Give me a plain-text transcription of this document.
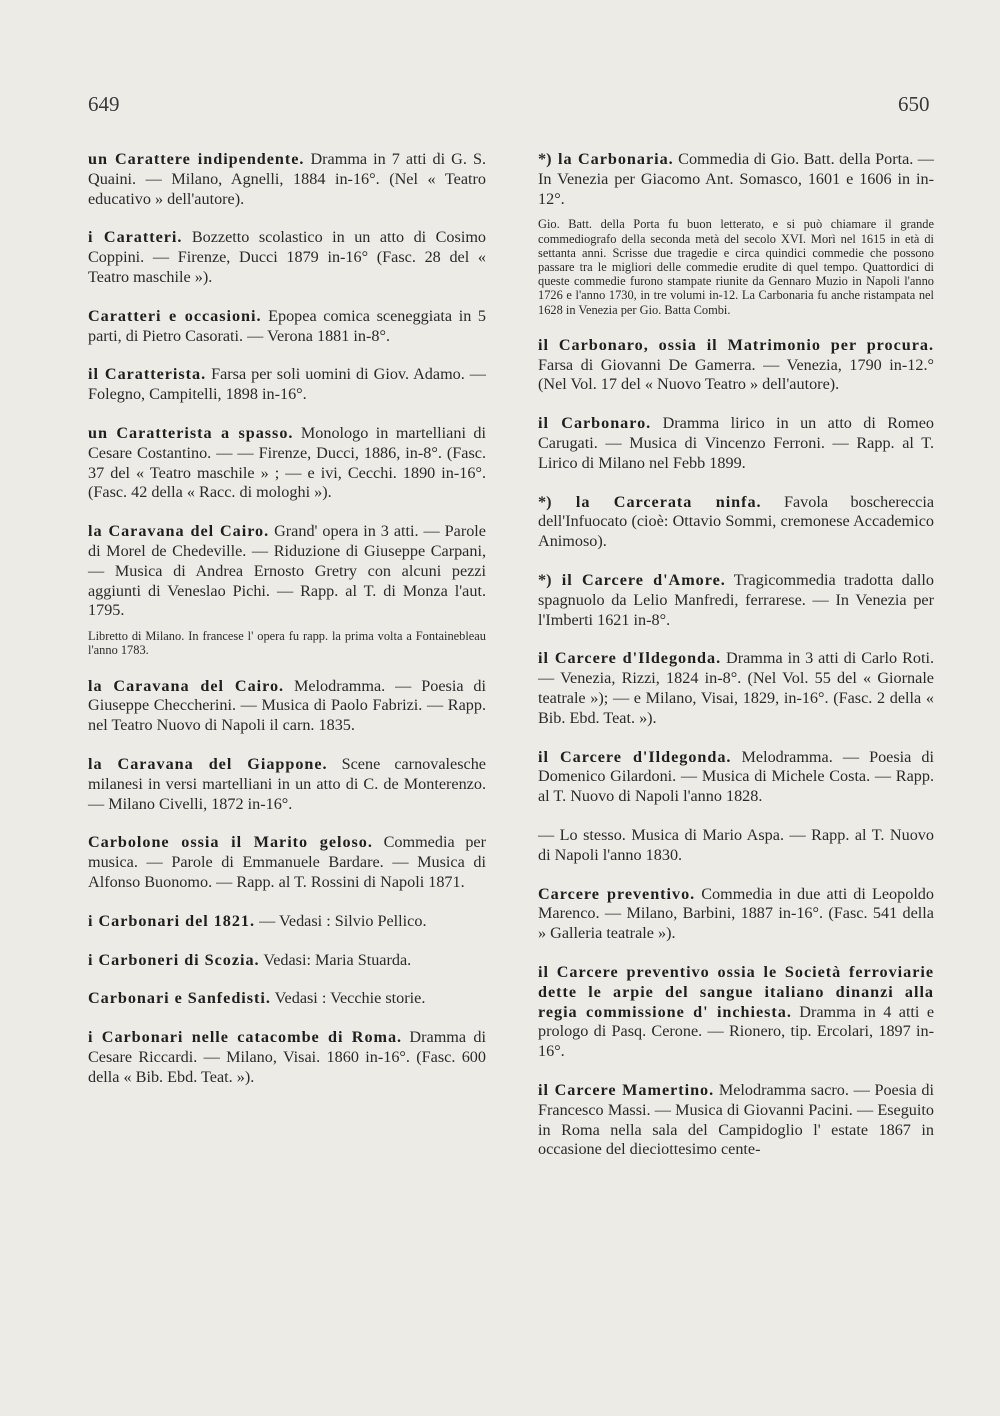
649	650
un Carattere indipendente. Dramma in 7 atti di G. S. Quaini. — Milano, Agnelli, 1884 in-16°. (Nel « Teatro educativo » dell'autore).
i Caratteri. Bozzetto scolastico in un atto di Cosimo Coppini. — Firenze, Ducci 1879 in-16° (Fasc. 28 del « Teatro maschile »).
Caratteri e occasioni. Epopea comica sceneggiata in 5 parti, di Pietro Casorati. — Verona 1881 in-8°.
il Caratterista. Farsa per soli uomini di Giov. Adamo. — Folegno, Campitelli, 1898 in-16°.
un Caratterista a spasso. Monologo in martelliani di Cesare Costantino. — — Firenze, Ducci, 1886, in-8°. (Fasc. 37 del « Teatro maschile » ; — e ivi, Cecchi. 1890 in-16°. (Fasc. 42 della « Racc. di mologhi »).
la Caravana del Cairo. Grand' opera in 3 atti. — Parole di Morel de Chedeville. — Riduzione di Giuseppe Carpani, — Musica di Andrea Ernosto Gretry con alcuni pezzi aggiunti di Veneslao Pichi. — Rapp. al T. di Monza l'aut. 1795.
Libretto di Milano. In francese l' opera fu rapp. la prima volta a Fontainebleau l'anno 1783.
la Caravana del Cairo. Melodramma. — Poesia di Giuseppe Checcherini. — Musica di Paolo Fabrizi. — Rapp. nel Teatro Nuovo di Napoli il carn. 1835.
la Caravana del Giappone. Scene carnovalesche milanesi in versi martelliani in un atto di C. de Monterenzo. — Milano Civelli, 1872 in-16°.
Carbolone ossia il Marito geloso. Commedia per musica. — Parole di Emmanuele Bardare. — Musica di Alfonso Buonomo. — Rapp. al T. Rossini di Napoli 1871.
i Carbonari del 1821. — Vedasi : Silvio Pellico.
i Carboneri di Scozia. Vedasi: Maria Stuarda.
Carbonari e Sanfedisti. Vedasi : Vecchie storie.
i Carbonari nelle catacombe di Roma. Dramma di Cesare Riccardi. — Milano, Visai. 1860 in-16°. (Fasc. 600 della « Bib. Ebd. Teat. »).
*) la Carbonaria. Commedia di Gio. Batt. della Porta. — In Venezia per Giacomo Ant. Somasco, 1601 e 1606 in in-12°.
Gio. Batt. della Porta fu buon letterato, e si può chiamare il grande commediografo della seconda metà del secolo XVI. Morì nel 1615 in età di settanta anni. Scrisse due tragedie e circa quindici commedie che possono passare tra le migliori delle commedie erudite di quel tempo. Quattordici di queste commedie furono stampate riunite da Gennaro Muzio in Napoli l'anno 1726 e l'anno 1730, in tre volumi in-12. La Carbonaria fu anche ristampata nel 1628 in Venezia per Gio. Batta Combi.
il Carbonaro, ossia il Matrimonio per procura. Farsa di Giovanni De Gamerra. — Venezia, 1790 in-12.° (Nel Vol. 17 del « Nuovo Teatro » dell'autore).
il Carbonaro. Dramma lirico in un atto di Romeo Carugati. — Musica di Vincenzo Ferroni. — Rapp. al T. Lirico di Milano nel Febb 1899.
*) la Carcerata ninfa. Favola boschereccia dell'Infuocato (cioè: Ottavio Sommi, cremonese Accademico Animoso).
*) il Carcere d'Amore. Tragicommedia tradotta dallo spagnuolo da Lelio Manfredi, ferrarese. — In Venezia per l'Imberti 1621 in-8°.
il Carcere d'Ildegonda. Dramma in 3 atti di Carlo Roti. — Venezia, Rizzi, 1824 in-8°. (Nel Vol. 55 del « Giornale teatrale »); — e Milano, Visai, 1829, in-16°. (Fasc. 2 della « Bib. Ebd. Teat. »).
il Carcere d'Ildegonda. Melodramma. — Poesia di Domenico Gilardoni. — Musica di Michele Costa. — Rapp. al T. Nuovo di Napoli l'anno 1828.
— Lo stesso. Musica di Mario Aspa. — Rapp. al T. Nuovo di Napoli l'anno 1830.
Carcere preventivo. Commedia in due atti di Leopoldo Marenco. — Milano, Barbini, 1887 in-16°. (Fasc. 541 della » Galleria teatrale »).
il Carcere preventivo ossia le Società ferroviarie dette le arpie del sangue italiano dinanzi alla regia commissione d' inchiesta. Dramma in 4 atti e prologo di Pasq. Cerone. — Rionero, tip. Ercolari, 1897 in-16°.
il Carcere Mamertino. Melodramma sacro. — Poesia di Francesco Massi. — Musica di Giovanni Pacini. — Eseguito in Roma nella sala del Campidoglio l' estate 1867 in occasione del dieciottesimo cente-
